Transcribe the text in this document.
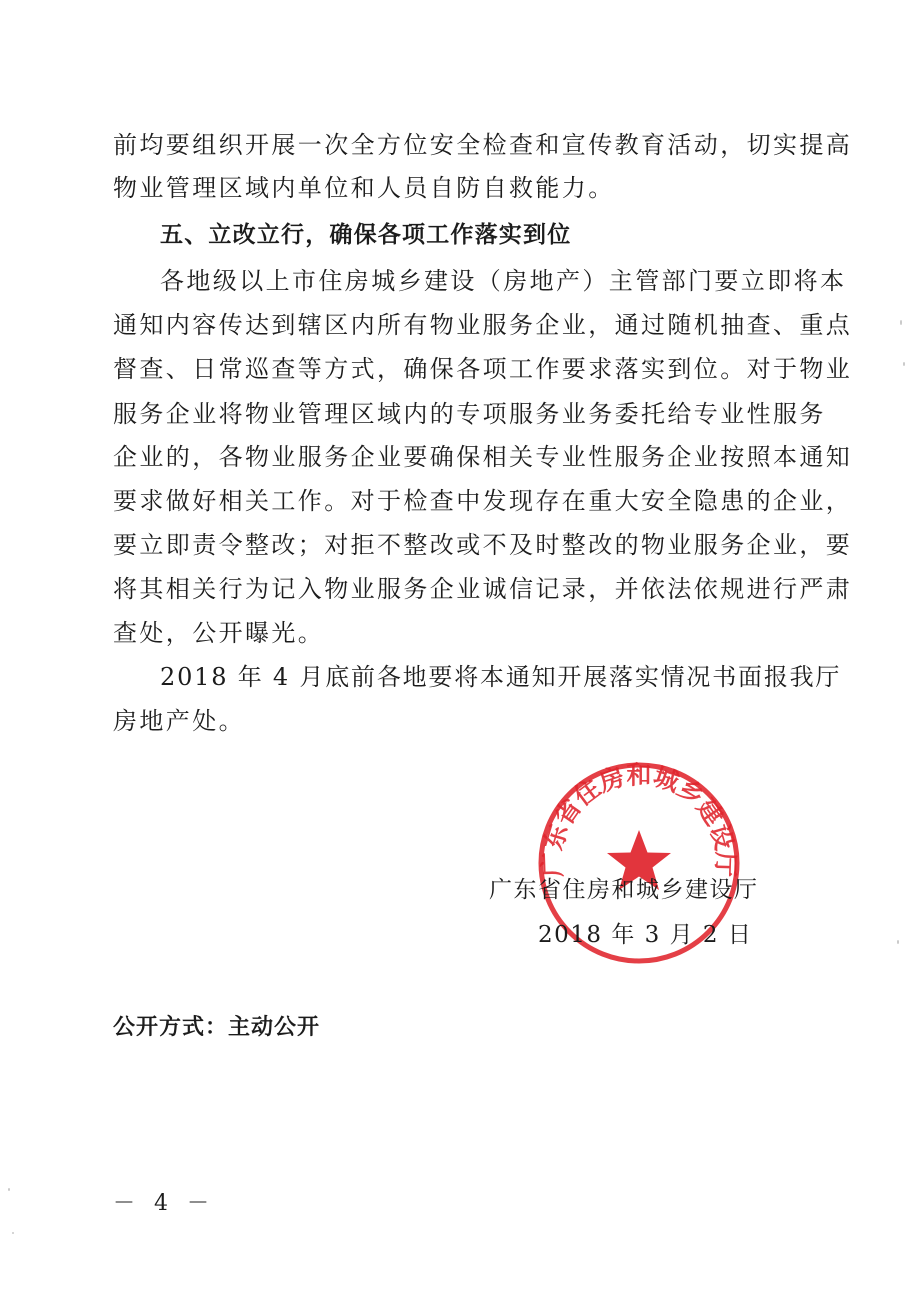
前均要组织开展一次全方位安全检查和宣传教育活动，切实提高
物业管理区域内单位和人员自防自救能力。
五、立改立行，确保各项工作落实到位
各地级以上市住房城乡建设（房地产）主管部门要立即将本
通知内容传达到辖区内所有物业服务企业，通过随机抽查、重点
督查、日常巡查等方式，确保各项工作要求落实到位。对于物业
服务企业将物业管理区域内的专项服务业务委托给专业性服务
企业的，各物业服务企业要确保相关专业性服务企业按照本通知
要求做好相关工作。对于检查中发现存在重大安全隐患的企业，
要立即责令整改；对拒不整改或不及时整改的物业服务企业，要
将其相关行为记入物业服务企业诚信记录，并依法依规进行严肃
查处，公开曝光。
2018 年 4 月底前各地要将本通知开展落实情况书面报我厅
房地产处。
广东省住房和城乡建设厅
广东省住房和城乡建设厅
2018 年 3 月 2 日
公开方式：主动公开
－ 4 －
